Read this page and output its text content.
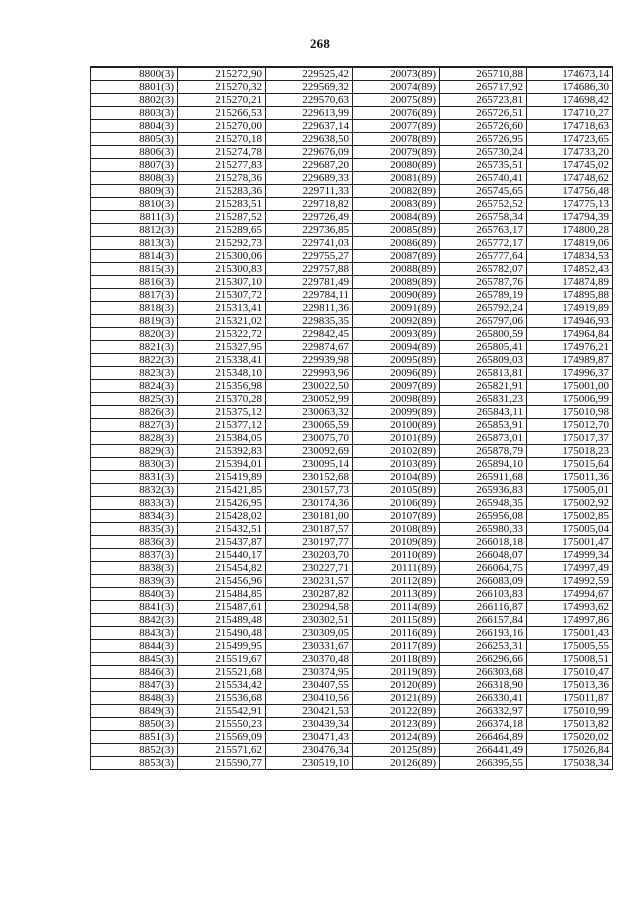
268
8800(3)	215272,90	229525,42	20073(89)	265710,88	174673,14
8801(3)	215270,32	229569,32	20074(89)	265717,92	174686,30
8802(3)	215270,21	229570,63	20075(89)	265723,81	174698,42
8803(3)	215266,53	229613,99	20076(89)	265726,51	174710,27
8804(3)	215270,00	229637,14	20077(89)	265726,60	174718,63
8805(3)	215270,18	229638,50	20078(89)	265726,95	174723,65
8806(3)	215274,78	229676,09	20079(89)	265730,24	174733,20
8807(3)	215277,83	229687,20	20080(89)	265735,51	174745,02
8808(3)	215278,36	229689,33	20081(89)	265740,41	174748,62
8809(3)	215283,36	229711,33	20082(89)	265745,65	174756,48
8810(3)	215283,51	229718,82	20083(89)	265752,52	174775,13
8811(3)	215287,52	229726,49	20084(89)	265758,34	174794,39
8812(3)	215289,65	229736,85	20085(89)	265763,17	174800,28
8813(3)	215292,73	229741,03	20086(89)	265772,17	174819,06
8814(3)	215300,06	229755,27	20087(89)	265777,64	174834,53
8815(3)	215300,83	229757,88	20088(89)	265782,07	174852,43
8816(3)	215307,10	229781,49	20089(89)	265787,76	174874,89
8817(3)	215307,72	229784,11	20090(89)	265789,19	174895,88
8818(3)	215313,41	229811,36	20091(89)	265792,24	174919,89
8819(3)	215321,02	229835,35	20092(89)	265797,06	174946,93
8820(3)	215322,72	229842,45	20093(89)	265800,59	174964,84
8821(3)	215327,95	229874,67	20094(89)	265805,41	174976,21
8822(3)	215338,41	229939,98	20095(89)	265809,03	174989,87
8823(3)	215348,10	229993,96	20096(89)	265813,81	174996,37
8824(3)	215356,98	230022,50	20097(89)	265821,91	175001,00
8825(3)	215370,28	230052,99	20098(89)	265831,23	175006,99
8826(3)	215375,12	230063,32	20099(89)	265843,11	175010,98
8827(3)	215377,12	230065,59	20100(89)	265853,91	175012,70
8828(3)	215384,05	230075,70	20101(89)	265873,01	175017,37
8829(3)	215392,83	230092,69	20102(89)	265878,79	175018,23
8830(3)	215394,01	230095,14	20103(89)	265894,10	175015,64
8831(3)	215419,89	230152,68	20104(89)	265911,68	175011,36
8832(3)	215421,85	230157,73	20105(89)	265936,83	175005,01
8833(3)	215426,95	230174,36	20106(89)	265948,35	175002,92
8834(3)	215428,02	230181,00	20107(89)	265956,08	175002,85
8835(3)	215432,51	230187,57	20108(89)	265980,33	175005,04
8836(3)	215437,87	230197,77	20109(89)	266018,18	175001,47
8837(3)	215440,17	230203,70	20110(89)	266048,07	174999,34
8838(3)	215454,82	230227,71	20111(89)	266064,75	174997,49
8839(3)	215456,96	230231,57	20112(89)	266083,09	174992,59
8840(3)	215484,85	230287,82	20113(89)	266103,83	174994,67
8841(3)	215487,61	230294,58	20114(89)	266116,87	174993,62
8842(3)	215489,48	230302,51	20115(89)	266157,84	174997,86
8843(3)	215490,48	230309,05	20116(89)	266193,16	175001,43
8844(3)	215499,95	230331,67	20117(89)	266253,31	175005,55
8845(3)	215519,67	230370,48	20118(89)	266296,66	175008,51
8846(3)	215521,68	230374,95	20119(89)	266303,68	175010,47
8847(3)	215534,42	230407,55	20120(89)	266318,90	175013,36
8848(3)	215536,68	230410,56	20121(89)	266330,41	175011,87
8849(3)	215542,91	230421,53	20122(89)	266332,97	175010,99
8850(3)	215550,23	230439,34	20123(89)	266374,18	175013,82
8851(3)	215569,09	230471,43	20124(89)	266464,89	175020,02
8852(3)	215571,62	230476,34	20125(89)	266441,49	175026,84
8853(3)	215590,77	230519,10	20126(89)	266395,55	175038,34
